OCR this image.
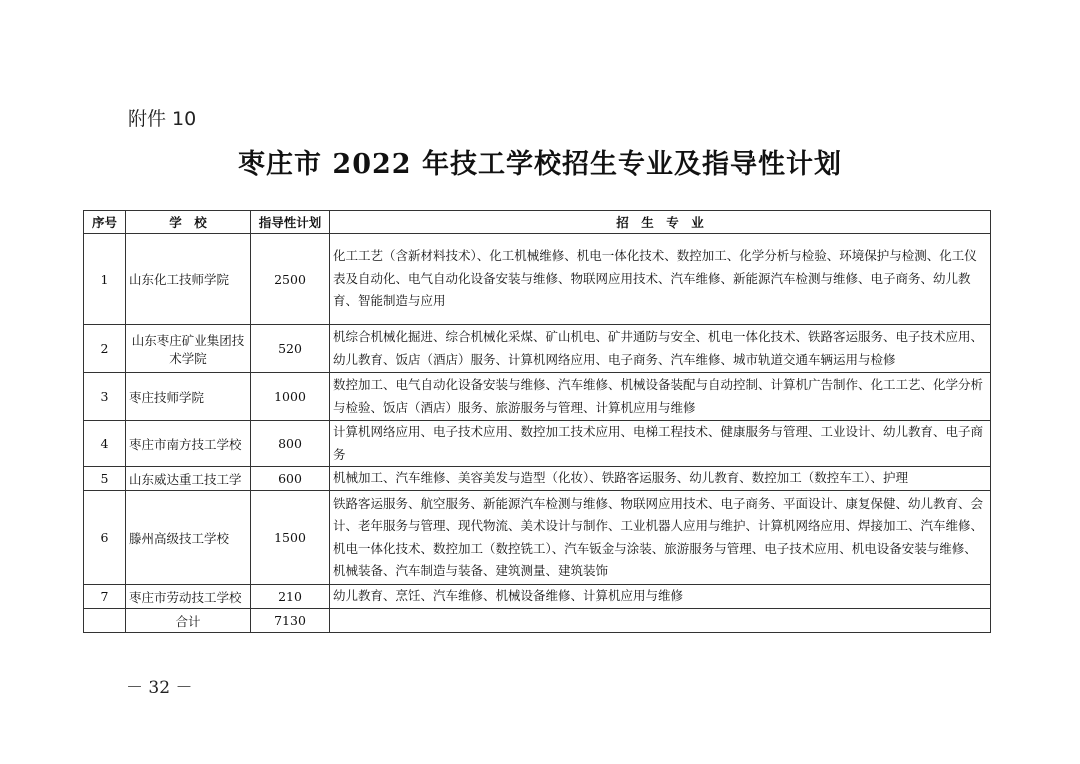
附件 10
枣庄市 2022 年技工学校招生专业及指导性计划
序号	学　校	指导性计划	招　生　专　业
1	山东化工技师学院	2500	化工工艺（含新材料技术）、化工机械维修、机电一体化技术、数控加工、化学分析与检验、环境保护与检测、化工仪表及自动化、电气自动化设备安装与维修、物联网应用技术、汽车维修、新能源汽车检测与维修、电子商务、幼儿教育、智能制造与应用
2	山东枣庄矿业集团技术学院	520	机综合机械化掘进、综合机械化采煤、矿山机电、矿井通防与安全、机电一体化技术、铁路客运服务、电子技术应用、幼儿教育、饭店（酒店）服务、计算机网络应用、电子商务、汽车维修、城市轨道交通车辆运用与检修
3	枣庄技师学院	1000	数控加工、电气自动化设备安装与维修、汽车维修、机械设备装配与自动控制、计算机广告制作、化工工艺、化学分析与检验、饭店（酒店）服务、旅游服务与管理、计算机应用与维修
4	枣庄市南方技工学校	800	计算机网络应用、电子技术应用、数控加工技术应用、电梯工程技术、健康服务与管理、工业设计、幼儿教育、电子商务
5	山东威达重工技工学	600	机械加工、汽车维修、美容美发与造型（化妆）、铁路客运服务、幼儿教育、数控加工（数控车工）、护理
6	滕州高级技工学校	1500	铁路客运服务、航空服务、新能源汽车检测与维修、物联网应用技术、电子商务、平面设计、康复保健、幼儿教育、会计、老年服务与管理、现代物流、美术设计与制作、工业机器人应用与维护、计算机网络应用、焊接加工、汽车维修、机电一体化技术、数控加工（数控铣工）、汽车钣金与涂装、旅游服务与管理、电子技术应用、机电设备安装与维修、机械装备、汽车制造与装备、建筑测量、建筑装饰
7	枣庄市劳动技工学校	210	幼儿教育、烹饪、汽车维修、机械设备维修、计算机应用与维修
	合计	7130	
－ 32 －
